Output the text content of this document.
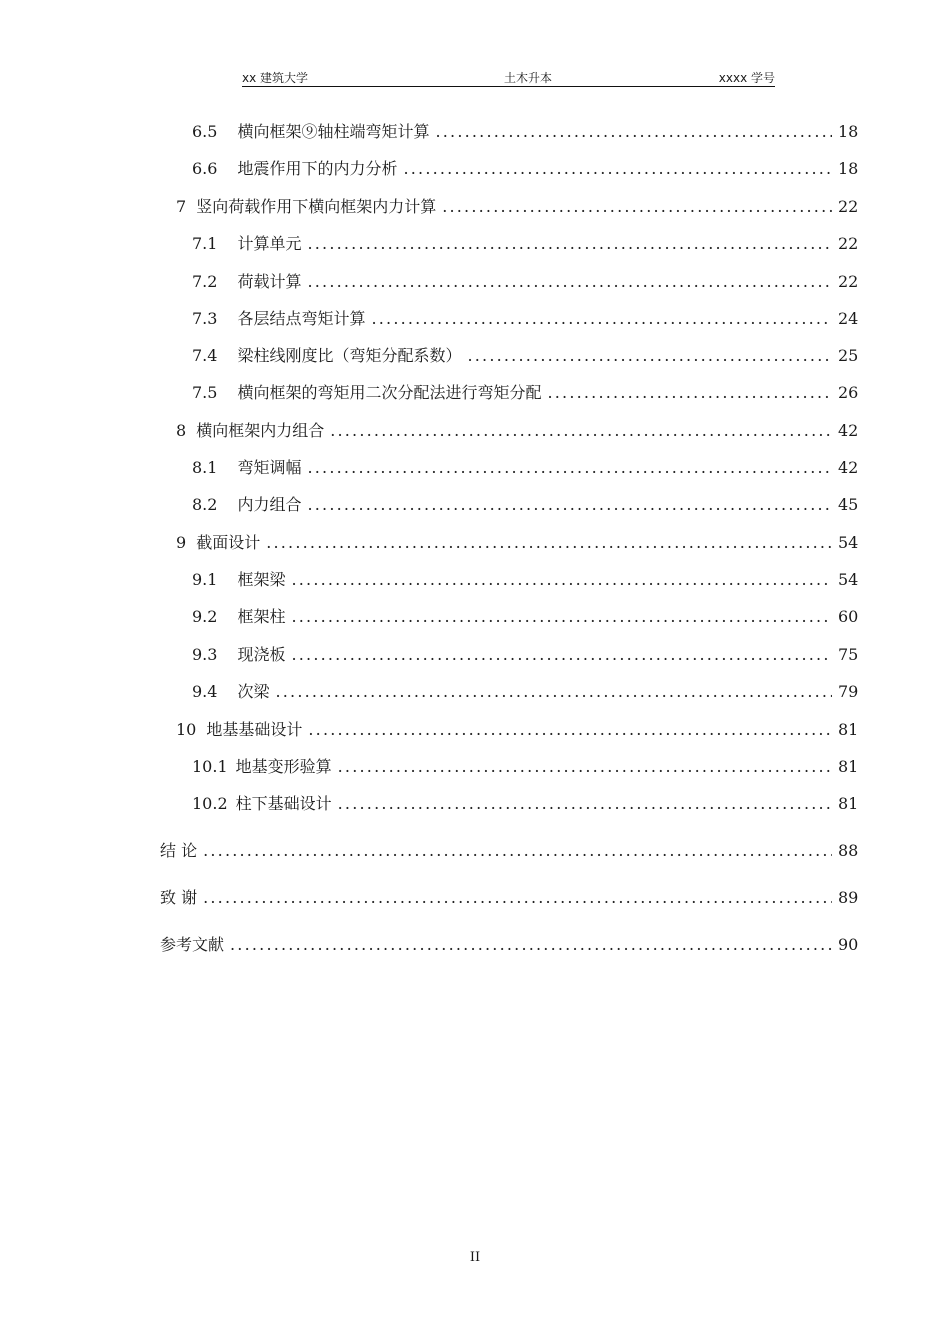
xx 建筑大学	土木升本	xxxx 学号
6.5 横向框架⑨轴柱端弯矩计算 .....	18
6.6 地震作用下的内力分析 .....	18
7 竖向荷载作用下横向框架内力计算 .....	22
7.1 计算单元 .....	22
7.2 荷载计算 .....	22
7.3 各层结点弯矩计算 .....	24
7.4 梁柱线刚度比（弯矩分配系数） .....	25
7.5 横向框架的弯矩用二次分配法进行弯矩分配 .....	26
8 横向框架内力组合 .....	42
8.1 弯矩调幅 .....	42
8.2 内力组合 .....	45
9 截面设计 .....	54
9.1 框架梁 .....	54
9.2 框架柱 .....	60
9.3 现浇板 .....	75
9.4 次梁 .....	79
10 地基基础设计 .....	81
10.1 地基变形验算 .....	81
10.2 柱下基础设计 .....	81
结 论 .....	88
致 谢 .....	89
参考文献 .....	90
II
